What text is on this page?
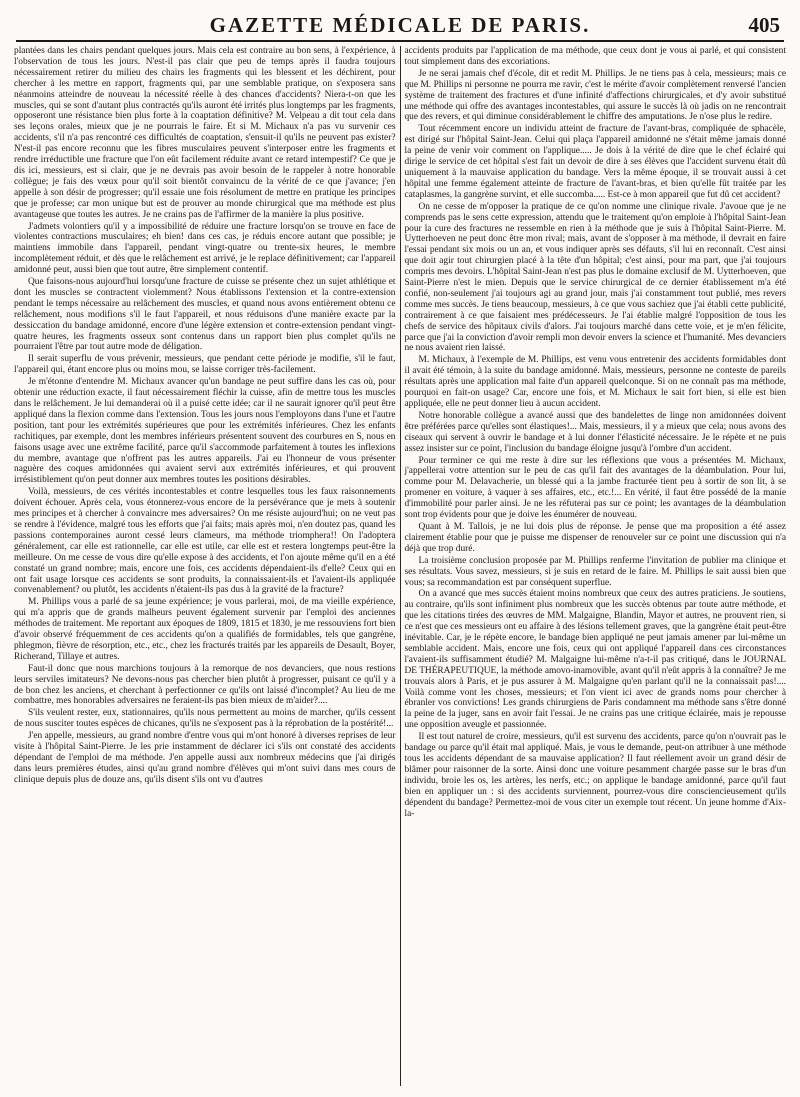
GAZETTE MÉDICALE DE PARIS.	405

plantées dans les chairs pendant quelques jours. Mais cela est contraire au bon sens, à l'expérience, à l'observation de tous les jours. N'est-il pas clair que peu de temps après il faudra toujours nécessairement retirer du milieu des chairs les fragments qui les blessent et les déchirent, pour chercher à les mettre en rapport, fragments qui, par une semblable pratique, on s'exposera sans néanmoins atteindre de nouveau la nécessité réelle à des chances d'accidents? Niera-t-on que les muscles, qui se sont d'autant plus contractés qu'ils auront été irrités plus longtemps par les fragments, opposeront une résistance bien plus forte à la coaptation définitive? M. Velpeau a dit tout cela dans ses leçons orales, mieux que je ne pourrais le faire. Et si M. Michaux n'a pas vu survenir ces accidents, s'il n'a pas rencontré ces difficultés de coaptation, s'ensuit-il qu'ils ne peuvent pas exister? N'est-il pas encore reconnu que les fibres musculaires peuvent s'interposer entre les fragments et rendre irréductible une fracture que l'on eût facilement réduite avant ce retard intempestif? Ce que je dis ici, messieurs, est si clair, que je ne devrais pas avoir besoin de le rappeler à notre honorable collègue; je fais des vœux pour qu'il soit bientôt convaincu de la vérité de ce que j'avance; j'en appelle à son désir de progresser; qu'il essaie une fois résolument de mettre en pratique les principes que je professe; car mon unique but est de prouver au monde chirurgical que ma méthode est plus avantageuse que toutes les autres. Je ne crains pas de l'affirmer de la manière la plus positive.

J'admets volontiers qu'il y a impossibilité de réduire une fracture lorsqu'on se trouve en face de violentes contractions musculaires; eh bien! dans ces cas, je réduis encore autant que possible; je maintiens immobile dans l'appareil, pendant vingt-quatre ou trente-six heures, le membre incomplètement réduit, et dès que le relâchement est arrivé, je le replace définitivement; car l'appareil amidonné peut, aussi bien que tout autre, être simplement contentif.

Que faisons-nous aujourd'hui lorsqu'une fracture de cuisse se présente chez un sujet athlétique et dont les muscles se contractent violemment? Nous établissons l'extension et la contre-extension pendant le temps nécessaire au relâchement des muscles, et quand nous avons entièrement obtenu ce relâchement, nous modifions s'il le faut l'appareil, et nous réduisons d'une manière exacte par la dessiccation du bandage amidonné, encore d'une légère extension et contre-extension pendant vingt-quatre heures, les fragments osseux sont contenus dans un rapport bien plus complet qu'ils ne pourraient l'être par tout autre mode de déligation.

Il serait superflu de vous prévenir, messieurs, que pendant cette période je modifie, s'il le faut, l'appareil qui, étant encore plus ou moins mou, se laisse corriger très-facilement.

Je m'étonne d'entendre M. Michaux avancer qu'un bandage ne peut suffire dans les cas où, pour obtenir une réduction exacte, il faut nécessairement fléchir la cuisse, afin de mettre tous les muscles dans le relâchement. Je lui demanderai où il a puisé cette idée; car il ne saurait ignorer qu'il peut être appliqué dans la flexion comme dans l'extension. Tous les jours nous l'employons dans l'une et l'autre position, tant pour les extrémités supérieures que pour les extrémités inférieures. Chez les enfants rachitiques, par exemple, dont les membres inférieurs présentent souvent des courbures en S, nous en faisons usage avec une extrême facilité, parce qu'il s'accommode parfaitement à toutes les inflexions du membre, avantage que n'offrent pas les autres appareils. J'ai eu l'honneur de vous présenter naguère des coques amidonnées qui avaient servi aux extrémités inférieures, et qui prouvent irrésistiblement qu'on peut donner aux membres toutes les positions désirables.

Voilà, messieurs, de ces vérités incontestables et contre lesquelles tous les faux raisonnements doivent échouer. Après cela, vous étonnerez-vous encore de la persévérance que je mets à soutenir mes principes et à chercher à convaincre mes adversaires? On me résiste aujourd'hui; on ne veut pas se rendre à l'évidence, malgré tous les efforts que j'ai faits; mais après moi, n'en doutez pas, quand les passions contemporaines auront cessé leurs clameurs, ma méthode triomphera!! On l'adoptera généralement, car elle est rationnelle, car elle est utile, car elle est et restera longtemps peut-être la meilleure. On me cesse de vous dire qu'elle expose à des accidents, et l'on ajoute même qu'il en a été constaté un grand nombre; mais, encore une fois, ces accidents dépendaient-ils d'elle? Ceux qui en ont fait usage lorsque ces accidents se sont produits, la connaissaient-ils et l'avaient-ils appliquée convenablement? ou plutôt, les accidents n'étaient-ils pas dus à la gravité de la fracture?

M. Phillips vous a parlé de sa jeune expérience; je vous parlerai, moi, de ma vieille expérience, qui m'a appris que de grands malheurs peuvent également survenir par l'emploi des anciennes méthodes de traitement. Me reportant aux époques de 1809, 1815 et 1830, je me ressouviens fort bien d'avoir observé fréquemment de ces accidents qu'on a qualifiés de formidables, tels que gangrène, phlegmon, fièvre de résorption, etc., etc., chez les fracturés traités par les appareils de Desault, Boyer, Richerand, Tillaye et autres.

Faut-il donc que nous marchions toujours à la remorque de nos devanciers, que nous restions leurs serviles imitateurs? Ne devons-nous pas chercher bien plutôt à progresser, puisant ce qu'il y a de bon chez les anciens, et cherchant à perfectionner ce qu'ils ont laissé d'incomplet? Au lieu de me combattre, mes honorables adversaires ne feraient-ils pas bien mieux de m'aider?....

S'ils veulent rester, eux, stationnaires, qu'ils nous permettent au moins de marcher, qu'ils cessent de nous susciter toutes espèces de chicanes, qu'ils ne s'exposent pas à la réprobation de la postérité!...

J'en appelle, messieurs, au grand nombre d'entre vous qui m'ont honoré à diverses reprises de leur visite à l'hôpital Saint-Pierre. Je les prie instamment de déclarer ici s'ils ont constaté des accidents dépendant de l'emploi de ma méthode. J'en appelle aussi aux nombreux médecins que j'ai dirigés dans leurs premières études, ainsi qu'au grand nombre d'élèves qui m'ont suivi dans mes cours de clinique depuis plus de douze ans, qu'ils disent s'ils ont vu d'autres

accidents produits par l'application de ma méthode, que ceux dont je vous ai parlé, et qui consistent tout simplement dans des excoriations.

Je ne serai jamais chef d'école, dit et redit M. Phillips. Je ne tiens pas à cela, messieurs; mais ce que M. Phillips ni personne ne pourra me ravir, c'est le mérite d'avoir complètement renversé l'ancien système de traitement des fractures et d'une infinité d'affections chirurgicales, et d'y avoir substitué une méthode qui offre des avantages incontestables, qui assure le succès là où jadis on ne rencontrait que des revers, et qui diminue considérablement le chiffre des amputations. Je n'ose plus le redire.

Tout récemment encore un individu atteint de fracture de l'avant-bras, compliquée de sphacèle, est dirigé sur l'hôpital Saint-Jean. Celui qui plaça l'appareil amidonné ne s'était même jamais donné la peine de venir voir comment on l'applique..... Je dois à la vérité de dire que le chef éclairé qui dirige le service de cet hôpital s'est fait un devoir de dire à ses élèves que l'accident survenu était dû uniquement à la mauvaise application du bandage. Vers la même époque, il se trouvait aussi à cet hôpital une femme également atteinte de fracture de l'avant-bras, et bien qu'elle fût traitée par les cataplasmes, la gangrène survint, et elle succomba..... Est-ce à mon appareil que fut dû cet accident?

On ne cesse de m'opposer la pratique de ce qu'on nomme une clinique rivale. J'avoue que je ne comprends pas le sens cette expression, attendu que le traitement qu'on emploie à l'hôpital Saint-Jean pour la cure des fractures ne ressemble en rien à la méthode que je suis à l'hôpital Saint-Pierre. M. Uytterhoeven ne peut donc être mon rival; mais, avant de s'opposer à ma méthode, il devrait en faire l'essai pendant six mois ou un an, et vous indiquer après ses défauts, s'il lui en reconnaît. C'est ainsi que doit agir tout chirurgien placé à la tête d'un hôpital; c'est ainsi, pour ma part, que j'ai toujours compris mes devoirs. L'hôpital Saint-Jean n'est pas plus le domaine exclusif de M. Uytterhoeven, que Saint-Pierre n'est le mien. Depuis que le service chirurgical de ce dernier établissement m'a été confié, non-seulement j'ai toujours agi au grand jour, mais j'ai constamment tout publié, mes revers comme mes succès. Je tiens beaucoup, messieurs, à ce que vous sachiez que j'ai établi cette publicité, contrairement à ce que faisaient mes prédécesseurs. Je l'ai établie malgré l'opposition de tous les chefs de service des hôpitaux civils d'alors. J'ai toujours marché dans cette voie, et je m'en félicite, parce que j'ai la conviction d'avoir rempli mon devoir envers la science et l'humanité. Mes devanciers ne nous avaient rien laissé.

M. Michaux, à l'exemple de M. Phillips, est venu vous entretenir des accidents formidables dont il avait été témoin, à la suite du bandage amidonné. Mais, messieurs, personne ne conteste de pareils résultats après une application mal faite d'un appareil quelconque. Si on ne connaît pas ma méthode, pourquoi en fait-on usage? Car, encore une fois, et M. Michaux le sait fort bien, si elle est bien appliquée, elle ne peut donner lieu à aucun accident.

Notre honorable collègue a avancé aussi que des bandelettes de linge non amidonnées doivent être préférées parce qu'elles sont élastiques!... Mais, messieurs, il y a mieux que cela; nous avons des ciseaux qui servent à ouvrir le bandage et à lui donner l'élasticité nécessaire. Je le répète et ne puis assez insister sur ce point, l'inclusion du bandage éloigne jusqu'à l'ombre d'un accident.

Pour terminer ce qui me reste à dire sur les réflexions que vous a présentées M. Michaux, j'appellerai votre attention sur le peu de cas qu'il fait des avantages de la déambulation. Pour lui, comme pour M. Delavacherie, un blessé qui a la jambe fracturée tient peu à sortir de son lit, à se promener en voiture, à vaquer à ses affaires, etc., etc.!... En vérité, il faut être possédé de la manie d'immobilité pour parler ainsi. Je ne les réfuterai pas sur ce point; les avantages de la déambulation sont trop évidents pour que je doive les énumérer de nouveau.

Quant à M. Tallois, je ne lui dois plus de réponse. Je pense que ma proposition a été assez clairement établie pour que je puisse me dispenser de renouveler sur ce point une discussion qui n'a déjà que trop duré.

La troisième conclusion proposée par M. Phillips renferme l'invitation de publier ma clinique et ses résultats. Vous savez, messieurs, si je suis en retard de le faire. M. Phillips le sait aussi bien que vous; sa recommandation est par conséquent superflue.

On a avancé que mes succès étaient moins nombreux que ceux des autres praticiens. Je soutiens, au contraire, qu'ils sont infiniment plus nombreux que les succès obtenus par toute autre méthode, et que les citations tirées des œuvres de MM. Malgaigne, Blandin, Mayor et autres, ne prouvent rien, si ce n'est que ces messieurs ont eu affaire à des lésions tellement graves, que la gangrène était peut-être inévitable. Car, je le répète encore, le bandage bien appliqué ne peut jamais amener par lui-même un semblable accident. Mais, encore une fois, ceux qui ont appliqué l'appareil dans ces circonstances l'avaient-ils suffisamment étudié? M. Malgaigne lui-même n'a-t-il pas critiqué, dans le JOURNAL DE THÉRAPEUTIQUE, la méthode amovo-inamovible, avant qu'il n'eût appris à la connaître? Je me trouvais alors à Paris, et je pus assurer à M. Malgaigne qu'en parlant qu'il ne la connaissait pas!.... Voilà comme vont les choses, messieurs; et l'on vient ici avec de grands noms pour chercher à ébranler vos convictions! Les grands chirurgiens de Paris condamnent ma méthode sans s'être donné la peine de la juger, sans en avoir fait l'essai. Je ne crains pas une critique éclairée, mais je repousse une opposition aveugle et passionnée.

Il est tout naturel de croire, messieurs, qu'il est survenu des accidents, parce qu'on n'ouvrait pas le bandage ou parce qu'il était mal appliqué. Mais, je vous le demande, peut-on attribuer à une méthode tous les accidents dépendant de sa mauvaise application? Il faut réellement avoir un grand désir de blâmer pour raisonner de la sorte. Ainsi donc une voiture pesamment chargée passe sur le bras d'un individu, broie les os, les artères, les nerfs, etc.; on applique le bandage amidonné, parce qu'il faut bien en appliquer un : si des accidents surviennent, pourrez-vous dire consciencieusement qu'ils dépendent du bandage? Permettez-moi de vous citer un exemple tout récent. Un jeune homme d'Aix-la-
